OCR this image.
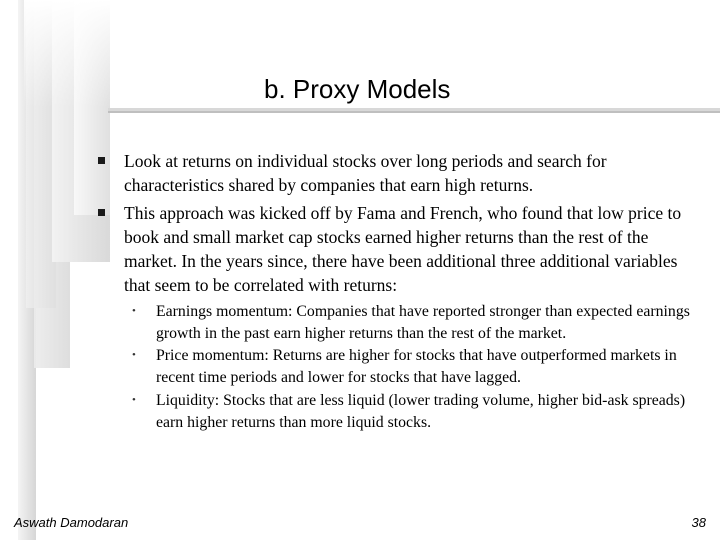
b. Proxy Models
Look at returns on individual stocks over long periods and search for characteristics shared by companies that earn high returns.
This approach was kicked off by Fama and French, who found that low price to book and small market cap stocks earned higher returns than the rest of the market. In the years since, there have been additional three additional variables that seem to be correlated with returns:
• Earnings momentum: Companies that have reported stronger than expected earnings growth in the past earn higher returns than the rest of the market.
• Price momentum: Returns are higher for stocks that have outperformed markets in recent time periods and lower for stocks that have lagged.
• Liquidity: Stocks that are less liquid (lower trading volume, higher bid-ask spreads) earn higher returns than more liquid stocks.
Aswath Damodaran	38
